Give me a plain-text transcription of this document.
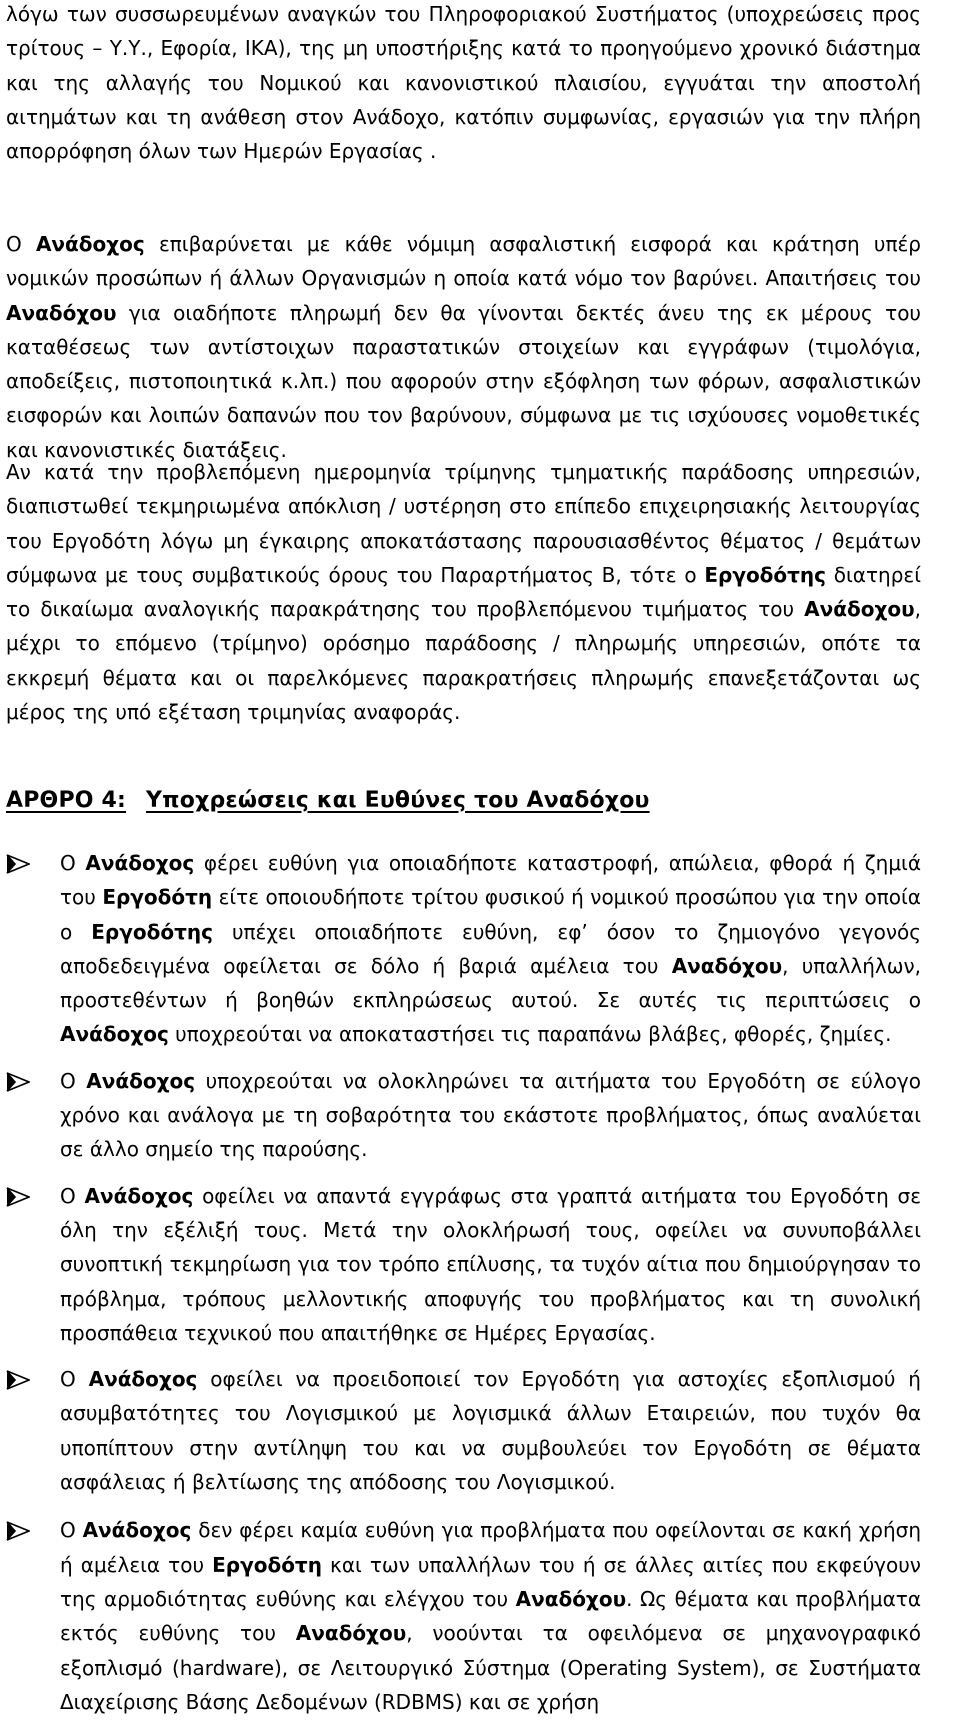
λόγω των συσσωρευμένων αναγκών του Πληροφοριακού Συστήματος (υποχρεώσεις προς τρίτους – Υ.Υ., Εφορία, ΙΚΑ), της μη υποστήριξης κατά το προηγούμενο χρονικό διάστημα και της αλλαγής του Νομικού και κανονιστικού πλαισίου, εγγυάται την αποστολή αιτημάτων και τη ανάθεση στον Ανάδοχο, κατόπιν συμφωνίας, εργασιών για την πλήρη απορρόφηση όλων των Ημερών Εργασίας .

Ο Ανάδοχος επιβαρύνεται με κάθε νόμιμη ασφαλιστική εισφορά και κράτηση υπέρ νομικών προσώπων ή άλλων Οργανισμών η οποία κατά νόμο τον βαρύνει. Απαιτήσεις του Αναδόχου για οιαδήποτε πληρωμή δεν θα γίνονται δεκτές άνευ της εκ μέρους του καταθέσεως των αντίστοιχων παραστατικών στοιχείων και εγγράφων (τιμολόγια, αποδείξεις, πιστοποιητικά κ.λπ.) που αφορούν στην εξόφληση των φόρων, ασφαλιστικών εισφορών και λοιπών δαπανών που τον βαρύνουν, σύμφωνα με τις ισχύουσες νομοθετικές και κανονιστικές διατάξεις.

Αν κατά την προβλεπόμενη ημερομηνία τρίμηνης τμηματικής παράδοσης υπηρεσιών, διαπιστωθεί τεκμηριωμένα απόκλιση / υστέρηση στο επίπεδο επιχειρησιακής λειτουργίας του Εργοδότη λόγω μη έγκαιρης αποκατάστασης παρουσιασθέντος θέματος / θεμάτων σύμφωνα με τους συμβατικούς όρους του Παραρτήματος Β, τότε ο Εργοδότης διατηρεί το δικαίωμα αναλογικής παρακράτησης του προβλεπόμενου τιμήματος του Ανάδοχου, μέχρι το επόμενο (τρίμηνο) ορόσημο παράδοσης / πληρωμής υπηρεσιών, οπότε τα εκκρεμή θέματα και οι παρελκόμενες παρακρατήσεις πληρωμής επανεξετάζονται ως μέρος της υπό εξέταση τριμηνίας αναφοράς.

ΑΡΘΡΟ 4: Υποχρεώσεις και Ευθύνες του Αναδόχου
Ο Ανάδοχος φέρει ευθύνη για οποιαδήποτε καταστροφή, απώλεια, φθορά ή ζημιά του Εργοδότη είτε οποιουδήποτε τρίτου φυσικού ή νομικού προσώπου για την οποία ο Εργοδότης υπέχει οποιαδήποτε ευθύνη, εφ’ όσον το ζημιογόνο γεγονός αποδεδειγμένα οφείλεται σε δόλο ή βαριά αμέλεια του Αναδόχου, υπαλλήλων, προστεθέντων ή βοηθών εκπληρώσεως αυτού. Σε αυτές τις περιπτώσεις ο Ανάδοχος υποχρεούται να αποκαταστήσει τις παραπάνω βλάβες, φθορές, ζημίες.
Ο Ανάδοχος υποχρεούται να ολοκληρώνει τα αιτήματα του Εργοδότη σε εύλογο χρόνο και ανάλογα με τη σοβαρότητα του εκάστοτε προβλήματος, όπως αναλύεται σε άλλο σημείο της παρούσης.
Ο Ανάδοχος οφείλει να απαντά εγγράφως στα γραπτά αιτήματα του Εργοδότη σε όλη την εξέλιξή τους. Μετά την ολοκλήρωσή τους, οφείλει να συνυποβάλλει συνοπτική τεκμηρίωση για τον τρόπο επίλυσης, τα τυχόν αίτια που δημιούργησαν το πρόβλημα, τρόπους μελλοντικής αποφυγής του προβλήματος και τη συνολική προσπάθεια τεχνικού που απαιτήθηκε σε Ημέρες Εργασίας.
Ο Ανάδοχος οφείλει να προειδοποιεί τον Εργοδότη για αστοχίες εξοπλισμού ή ασυμβατότητες του Λογισμικού με λογισμικά άλλων Εταιρειών, που τυχόν θα υποπίπτουν στην αντίληψη του και να συμβουλεύει τον Εργοδότη σε θέματα ασφάλειας ή βελτίωσης της απόδοσης του Λογισμικού.
Ο Ανάδοχος δεν φέρει καμία ευθύνη για προβλήματα που οφείλονται σε κακή χρήση ή αμέλεια του Εργοδότη και των υπαλλήλων του ή σε άλλες αιτίες που εκφεύγουν της αρμοδιότητας ευθύνης και ελέγχου του Αναδόχου. Ως θέματα και προβλήματα εκτός ευθύνης του Αναδόχου, νοούνται τα οφειλόμενα σε μηχανογραφικό εξοπλισμό (hardware), σε Λειτουργικό Σύστημα (Operating System), σε Συστήματα Διαχείρισης Βάσης Δεδομένων (RDBMS) και σε χρήση
